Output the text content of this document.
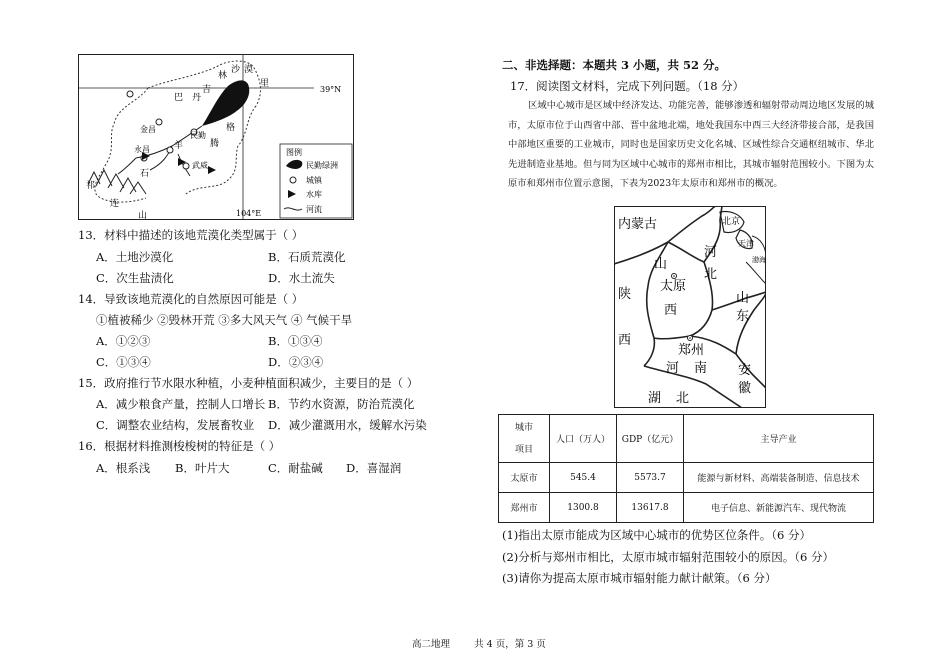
39°N
104°E
巴 丹
吉
林
沙 漠
腾
格
里
金昌
永昌
石
羊
武威
祁
连
山
民勤
图例
民勤绿洲
城镇
水库
河流
13．材料中描述的该地荒漠化类型属于（ ）
A．土地沙漠化	B．石质荒漠化
C．次生盐渍化	D．水土流失
14．导致该地荒漠化的自然原因可能是（ ）
①植被稀少 ②毁林开荒 ③多大风天气 ④ 气候干旱
A．①②③	B．①③④
C．①③④	D．②③④
15．政府推行节水限水种植，小麦种植面积减少，主要目的是（ ）
A．减少粮食产量，控制人口增长 B．节约水资源，防治荒漠化
C．调整农业结构，发展畜牧业 D．减少灌溉用水，缓解水污染
16．根据材料推测梭梭树的特征是（ ）
A．根系浅 B．叶片大	C．耐盐碱 D．喜湿润
二、非选择题：本题共 3 小题，共 52 分。
17．阅读图文材料，完成下列问题。（18 分）
区域中心城市是区域中经济发达、功能完善，能够渗透和辐射带动周边地区发展的城市，太原市位于山西省中部、晋中盆地北端，地处我国东中西三大经济带接合部，是我国中部地区重要的工业城市，同时也是国家历史文化名城、区域性综合交通枢纽城市、华北先进制造业基地。但与同为区域中心城市的郑州市相比，其城市辐射范围较小。下图为太原市和郑州市位置示意图，下表为2023年太原市和郑州市的概况。
内蒙古	北京
天津
渤海
河
北
山
太原
西
陕
西
山
东
郑州
河 南 安
徽
湖 北
城市
项目	人口（万人）	GDP（亿元）	主导产业
太原市	545.4	5573.7	能源与新材料、高端装备制造、信息技术
郑州市	1300.8	13617.8	电子信息、新能源汽车、现代物流
(1)指出太原市能成为区域中心城市的优势区位条件。（6 分）
(2)分析与郑州市相比，太原市城市辐射范围较小的原因。（6 分）
(3)请你为提高太原市城市辐射能力献计献策。（6 分）
高二地理        共 4 页，第 3 页
